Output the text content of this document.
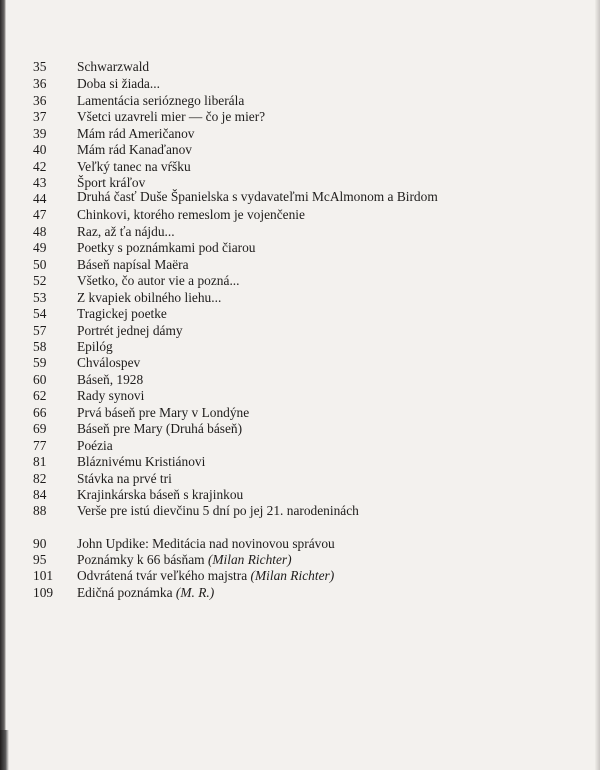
35	Schwarzwald
36	Doba si žiada...
36	Lamentácia serióznego liberála
37	Všetci uzavreli mier — čo je mier?
39	Mám rád Američanov
40	Mám rád Kanaďanov
42	Veľký tanec na vŕšku
43	Šport kráľov
44	Druhá časť Duše Španielska s vydavateľmi McAlmonom a Birdom
47	Chinkovi, ktorého remeslom je vojenčenie
48	Raz, až ťa nájdu...
49	Poetky s poznámkami pod čiarou
50	Báseň napísal Maëra
52	Všetko, čo autor vie a pozná...
53	Z kvapiek obilného liehu...
54	Tragickej poetke
57	Portrét jednej dámy
58	Epilóg
59	Chválospev
60	Báseň, 1928
62	Rady synovi
66	Prvá báseň pre Mary v Londýne
69	Báseň pre Mary (Druhá báseň)
77	Poézia
81	Bláznivému Kristiánovi
82	Stávka na prvé tri
84	Krajinkárska báseň s krajinkou
88	Verše pre istú dievčinu 5 dní po jej 21. narodeninách
90	John Updike: Meditácia nad novinovou správou
95	Poznámky k 66 básňam (Milan Richter)
101	Odvrátená tvár veľkého majstra (Milan Richter)
109	Edičná poznámka (M. R.)
